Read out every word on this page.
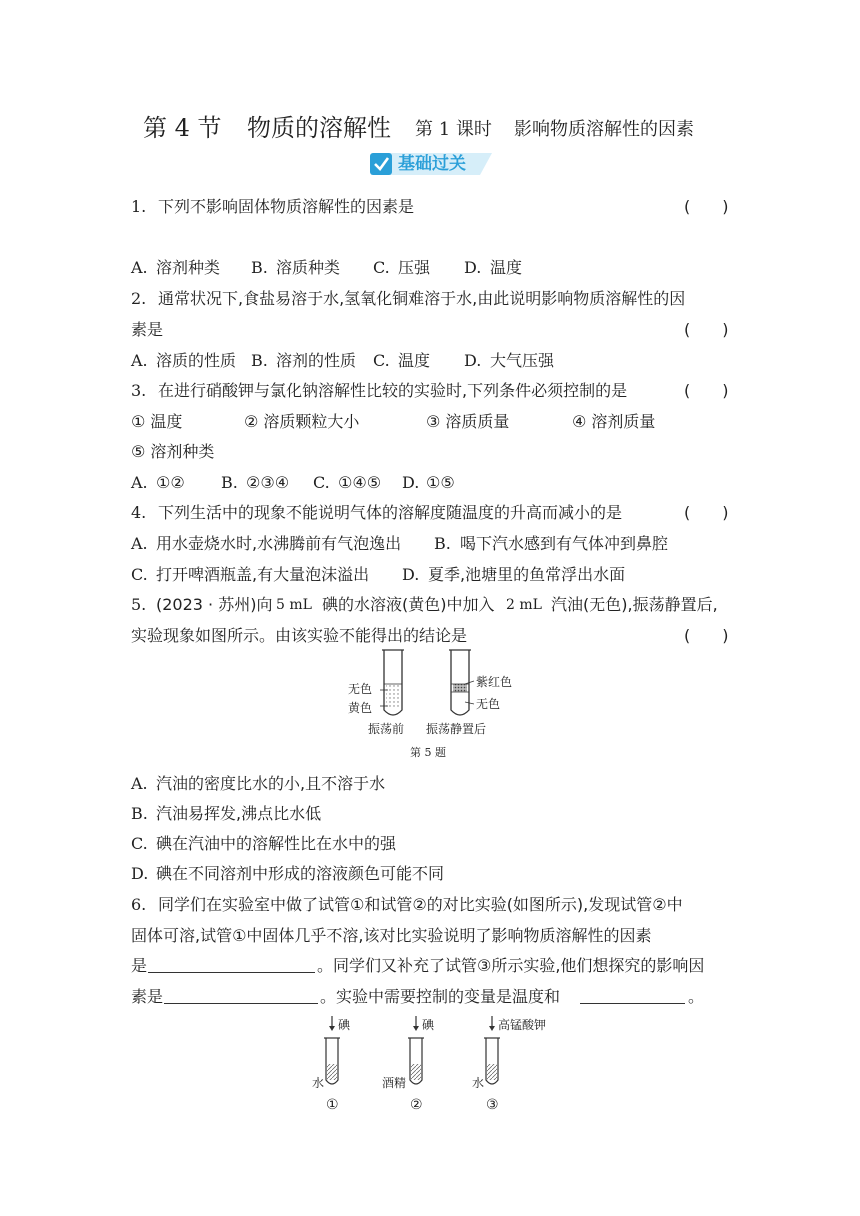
第 4 节 物质的溶解性 第 1 课时 影响物质溶解性的因素
基础过关
1. 下列不影响固体物质溶解性的因素是	(　　)
A. 溶剂种类 B. 溶质种类 C. 压强 D. 温度
2. 通常状况下,食盐易溶于水,氢氧化铜难溶于水,由此说明影响物质溶解性的因
素是	(　　)
A. 溶质的性质 B. 溶剂的性质 C. 温度 D. 大气压强
3. 在进行硝酸钾与氯化钠溶解性比较的实验时,下列条件必须控制的是	(　　)
① 温度	② 溶质颗粒大小	③ 溶质质量	④ 溶剂质量
⑤ 溶剂种类
A. ①② B. ②③④ C. ①④⑤ D. ①⑤
4. 下列生活中的现象不能说明气体的溶解度随温度的升高而减小的是	(　　)
A. 用水壶烧水时,水沸腾前有气泡逸出 B. 喝下汽水感到有气体冲到鼻腔
C. 打开啤酒瓶盖,有大量泡沫溢出 D. 夏季,池塘里的鱼常浮出水面
5. (2023 · 苏州)向 5 mL 碘的水溶液(黄色)中加入 2 mL 汽油(无色),振荡静置后,
实验现象如图所示。由该实验不能得出的结论是	(　　)
无色
黄色
紫红色
无色
振荡前 振荡静置后
第 5 题
A. 汽油的密度比水的小,且不溶于水
B. 汽油易挥发,沸点比水低
C. 碘在汽油中的溶解性比在水中的强
D. 碘在不同溶剂中形成的溶液颜色可能不同
6. 同学们在实验室中做了试管①和试管②的对比实验(如图所示),发现试管②中
固体可溶,试管①中固体几乎不溶,该对比实验说明了影响物质溶解性的因素
是	。同学们又补充了试管③所示实验,他们想探究的影响因
素是	。实验中需要控制的变量是温度和	。
碘
水
①
碘
酒精
②
高锰酸钾
水
③
